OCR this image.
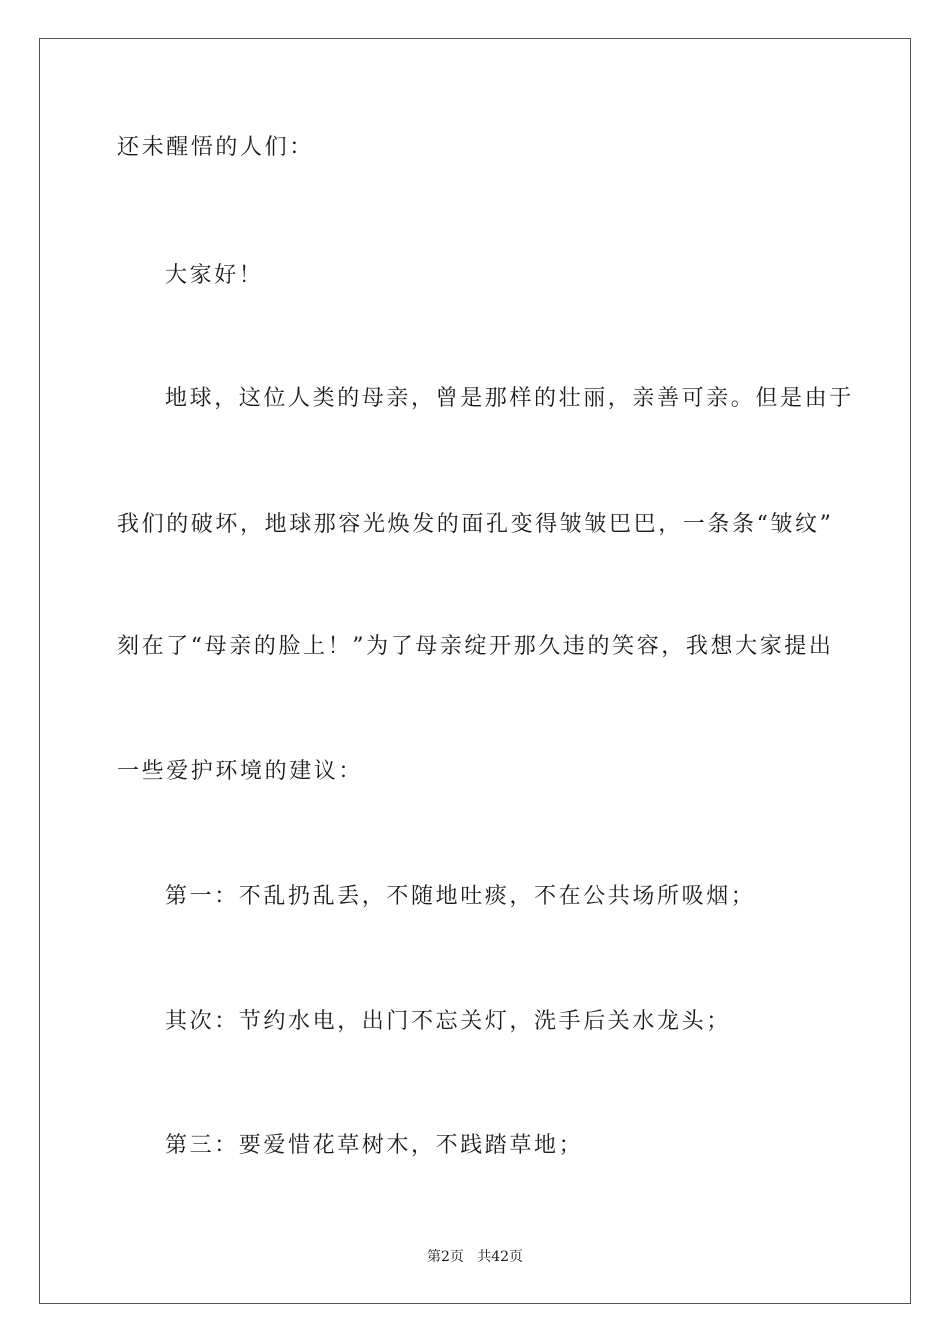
还未醒悟的人们：
大家好！
地球，这位人类的母亲，曾是那样的壮丽，亲善可亲。但是由于
我们的破坏，地球那容光焕发的面孔变得皱皱巴巴，一条条“皱纹”
刻在了“母亲的脸上！”为了母亲绽开那久违的笑容，我想大家提出
一些爱护环境的建议：
第一：不乱扔乱丢，不随地吐痰，不在公共场所吸烟；
其次：节约水电，出门不忘关灯，洗手后关水龙头；
第三：要爱惜花草树木，不践踏草地；
第2页   共42页
